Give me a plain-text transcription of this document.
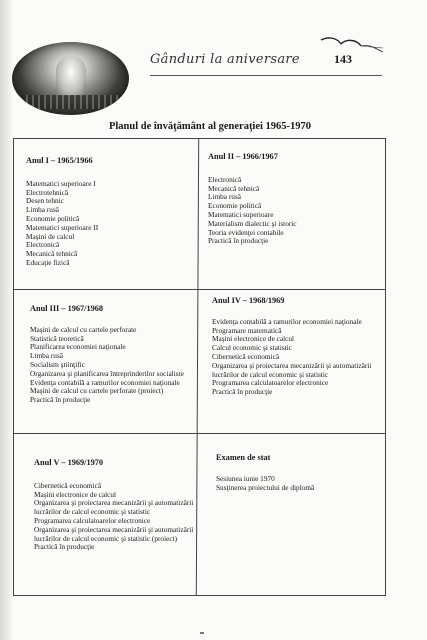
Gânduri la aniversare	143
Planul de învăţământ al generaţiei 1965-1970
Anul I – 1965/1966
Matematici superioare I
Electrotehnică
Desen tehnic
Limba rusă
Economie politică
Matematici superioare II
Maşini de calcul
Electronică
Mecanică tehnică
Educaţie fizică
Anul II – 1966/1967
Electronică
Mecanică tehnică
Limba rusă
Economie politică
Matematici superioare
Materialism dialectic şi istoric
Teoria evidenţei contabile
Practică în producţie
Anul III – 1967/1968
Maşini de calcul cu cartele perforate
Statistică teoretică
Planificarea economiei naţionale
Limba rusă
Socialism ştiinţific
Organizarea şi planificarea întreprinderilor socialiste
Evidenţa contabilă a ramurilor economiei naţionale
Maşini de calcul cu cartele perforate (proiect)
Practică în producţie
Anul IV – 1968/1969
Evidenţa contabilă a ramurilor economiei naţionale
Programare matematică
Maşini electronice de calcul
Calcul economic şi statistic
Cibernetică economică
Organizarea şi proiectarea mecanizării şi automatizării lucrărilor de calcul economic şi statistic
Programarea calculatoarelor electronice
Practică în producţie
Anul V – 1969/1970
Cibernetică economică
Maşini electronice de calcul
Organizarea şi proiectarea mecanizării şi automatizării lucrărilor de calcul economic şi statistic
Programarea calculatoarelor electronice
Organizarea şi proiectarea mecanizării şi automatizării lucrărilor de calcul economic şi statistic (proiect)
Practică în producţie
Examen de stat
Sesiunea iunie 1970
Susţinerea proiectului de diplomă
